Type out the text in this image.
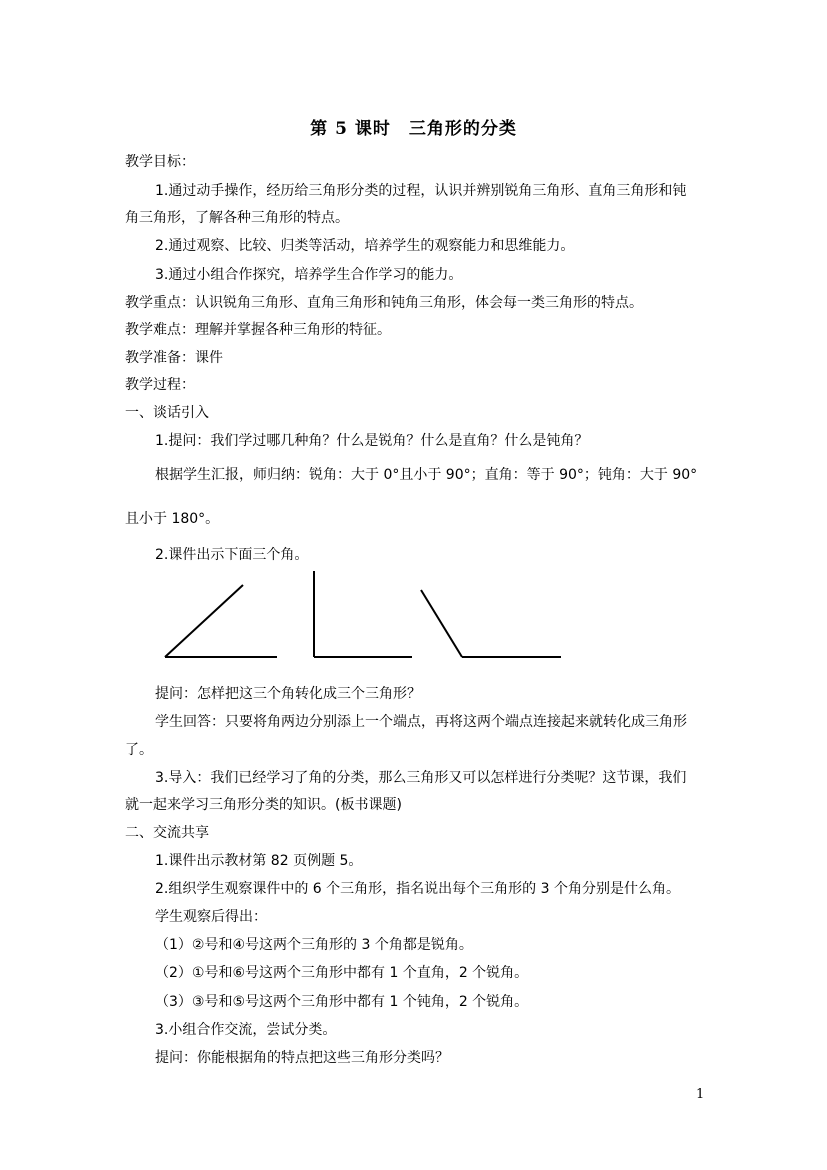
第 5 课时　三角形的分类
教学目标：
1.通过动手操作，经历给三角形分类的过程，认识并辨别锐角三角形、直角三角形和钝
角三角形，了解各种三角形的特点。
2.通过观察、比较、归类等活动，培养学生的观察能力和思维能力。
3.通过小组合作探究，培养学生合作学习的能力。
教学重点：认识锐角三角形、直角三角形和钝角三角形，体会每一类三角形的特点。
教学难点：理解并掌握各种三角形的特征。
教学准备：课件
教学过程：
一、谈话引入
1.提问：我们学过哪几种角？什么是锐角？什么是直角？什么是钝角？
根据学生汇报，师归纳：锐角：大于 0°且小于 90°；直角：等于 90°；钝角：大于 90°
且小于 180°。
2.课件出示下面三个角。
提问：怎样把这三个角转化成三个三角形？
学生回答：只要将角两边分别添上一个端点，再将这两个端点连接起来就转化成三角形
了。
3.导入：我们已经学习了角的分类，那么三角形又可以怎样进行分类呢？这节课，我们
就一起来学习三角形分类的知识。(板书课题)
二、交流共享
1.课件出示教材第 82 页例题 5。
2.组织学生观察课件中的 6 个三角形，指名说出每个三角形的 3 个角分别是什么角。
学生观察后得出：
（1）②号和④号这两个三角形的 3 个角都是锐角。
（2）①号和⑥号这两个三角形中都有 1 个直角，2 个锐角。
（3）③号和⑤号这两个三角形中都有 1 个钝角，2 个锐角。
3.小组合作交流，尝试分类。
提问：你能根据角的特点把这些三角形分类吗？
1
